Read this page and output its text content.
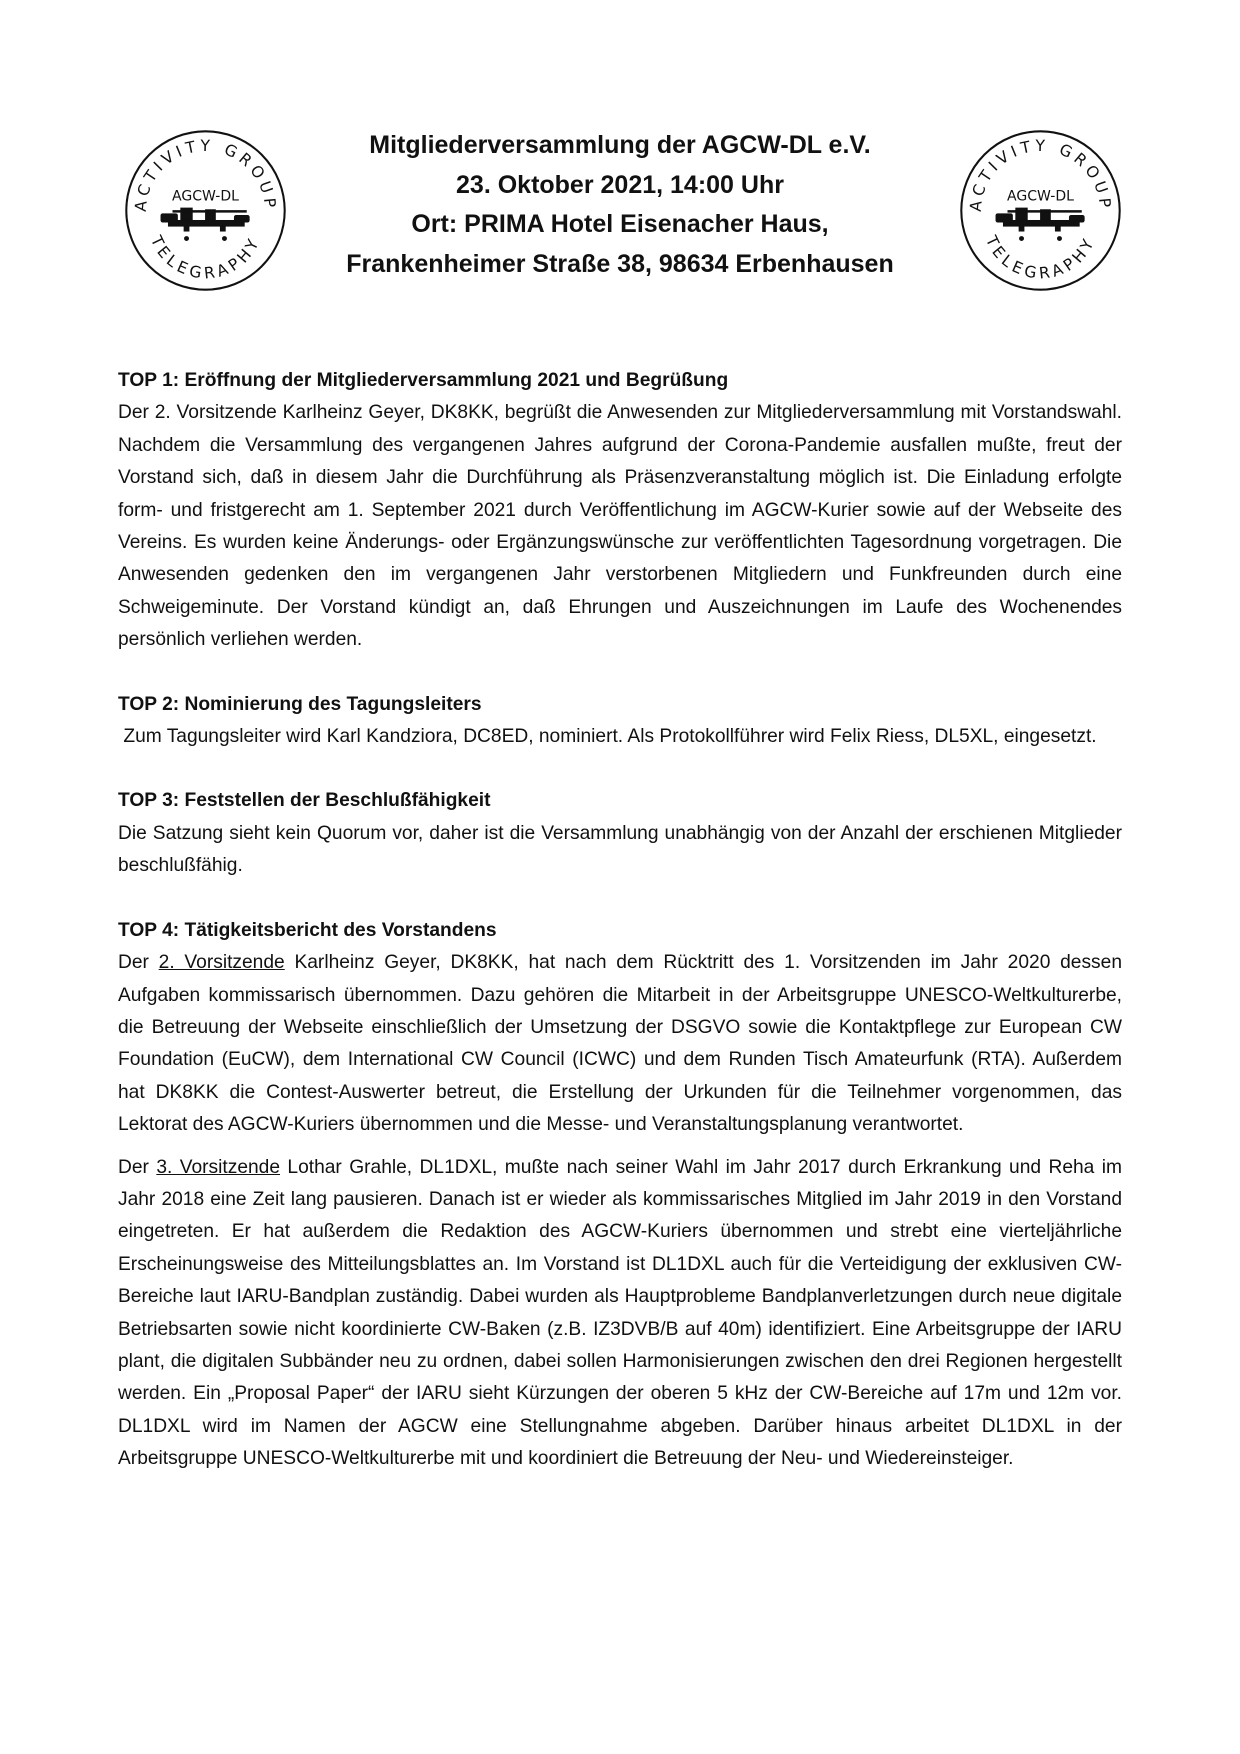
ACTIVITY GROUP
TELEGRAPHY
AGCW-DL
Mitgliederversammlung der AGCW-DL e.V.
23. Oktober 2021, 14:00 Uhr
Ort: PRIMA Hotel Eisenacher Haus,
Frankenheimer Straße 38, 98634 Erbenhausen
ACTIVITY GROUP
TELEGRAPHY
AGCW-DL
TOP 1: Eröffnung der Mitgliederversammlung 2021 und Begrüßung

Der 2. Vorsitzende Karlheinz Geyer, DK8KK, begrüßt die Anwesenden zur Mitgliederversammlung mit Vorstandswahl. Nachdem die Versammlung des vergangenen Jahres aufgrund der Corona-Pandemie ausfallen mußte, freut der Vorstand sich, daß in diesem Jahr die Durchführung als Präsenzveranstaltung möglich ist. Die Einladung erfolgte form- und fristgerecht am 1. September 2021 durch Veröffentlichung im AGCW-Kurier sowie auf der Webseite des Vereins. Es wurden keine Änderungs- oder Ergänzungswünsche zur veröffentlichten Tagesordnung vorgetragen. Die Anwesenden gedenken den im vergangenen Jahr verstorbenen Mitgliedern und Funkfreunden durch eine Schweigeminute. Der Vorstand kündigt an, daß Ehrungen und Auszeichnungen im Laufe des Wochenendes persönlich verliehen werden.

TOP 2: Nominierung des Tagungsleiters

Zum Tagungsleiter wird Karl Kandziora, DC8ED, nominiert. Als Protokollführer wird Felix Riess, DL5XL, eingesetzt.

TOP 3: Feststellen der Beschlußfähigkeit

Die Satzung sieht kein Quorum vor, daher ist die Versammlung unabhängig von der Anzahl der erschienen Mitglieder beschlußfähig.

TOP 4: Tätigkeitsbericht des Vorstandens

Der 2. Vorsitzende Karlheinz Geyer, DK8KK, hat nach dem Rücktritt des 1. Vorsitzenden im Jahr 2020 dessen Aufgaben kommissarisch übernommen. Dazu gehören die Mitarbeit in der Arbeitsgruppe UNESCO-Weltkulturerbe, die Betreuung der Webseite einschließlich der Umsetzung der DSGVO sowie die Kontaktpflege zur European CW Foundation (EuCW), dem International CW Council (ICWC) und dem Runden Tisch Amateurfunk (RTA). Außerdem hat DK8KK die Contest-Auswerter betreut, die Erstellung der Urkunden für die Teilnehmer vorgenommen, das Lektorat des AGCW-Kuriers übernommen und die Messe- und Veranstaltungsplanung verantwortet.

Der 3. Vorsitzende Lothar Grahle, DL1DXL, mußte nach seiner Wahl im Jahr 2017 durch Erkrankung und Reha im Jahr 2018 eine Zeit lang pausieren. Danach ist er wieder als kommissarisches Mitglied im Jahr 2019 in den Vorstand eingetreten. Er hat außerdem die Redaktion des AGCW-Kuriers übernommen und strebt eine vierteljährliche Erscheinungsweise des Mitteilungsblattes an. Im Vorstand ist DL1DXL auch für die Verteidigung der exklusiven CW-Bereiche laut IARU-Bandplan zuständig. Dabei wurden als Hauptprobleme Bandplanverletzungen durch neue digitale Betriebsarten sowie nicht koordinierte CW-Baken (z.B. IZ3DVB/B auf 40m) identifiziert. Eine Arbeitsgruppe der IARU plant, die digitalen Subbänder neu zu ordnen, dabei sollen Harmonisierungen zwischen den drei Regionen hergestellt werden. Ein „Proposal Paper“ der IARU sieht Kürzungen der oberen 5 kHz der CW-Bereiche auf 17m und 12m vor. DL1DXL wird im Namen der AGCW eine Stellungnahme abgeben. Darüber hinaus arbeitet DL1DXL in der Arbeitsgruppe UNESCO-Weltkulturerbe mit und koordiniert die Betreuung der Neu- und Wiedereinsteiger.
